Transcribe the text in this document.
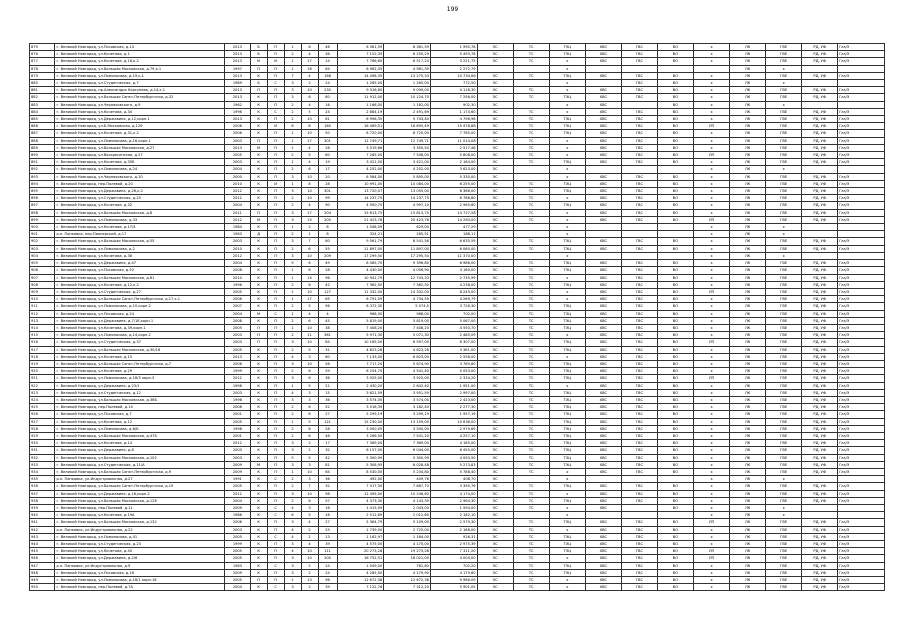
199
879	г. Великий Новгород, ул.Псковская, д.14	2013	Б	П	1	6	46	6 361,59	6 361,59	1 990,78	ЭС	ТС	ТЭЦ	ХВС	ГВС	ВО	х	ЛК	ГВЕ	РД, УФ	Газ/Э
876	г. Великий Новгород, ул.Кочетова, д.1	2013	Б	П	2	4	36	7 152,35	6 250,29	5 493,78	ЭС	ТС	ТЭЦ	ХВС	ГВС	ВО	х	ЛК	ГВЕ	РД, УФ	Газ/Э
877	г. Великий Новгород, ул.Кочетова, д.16,к.2	2013	М	И	1	17	14	7 766,60	6 517,24	3 221,75	ЭС	ТС	х	ХВС	ГВС	ВО	х	ЛК	ГВЕ	РД, УФ	Газ/Э
878	г. Великий Новгород, ул.Большая Московская, д.79,к.1	1997	П	П	1	16	64	6 962,35	4 981,39	2 272,79			х					ЛК	х		
879	г. Великий Новгород, ул.Ломоносова, д.19,к.1	2013	К	П	7	4	168	14 498,35	13 275,33	10 734,66	ЭС	ТС	ТЭЦ	ХВС	ГВС	ВО	х	ЛК	ГВЕ	РД, УФ	Газ/Э
880	г. Великий Новгород, ул.Студенческая, д.7	1989	Б	С	3	2	24	1 265,00	1 265,00	772,50	ЭС		х		ГВС	ВО	х	ЛК	х		
881	г. Великий Новгород, пр.Александра Корсунова, д.14,к.1	2013	П	П	3	10	230	9 316,80	9 009,00	4 118,30	ЭС	ТС	х	ХВС	ГВС	ВО	х	ЛК	ГВЕ	РД, УФ	Газ/Э
882	г. Великий Новгород, ул.Большая Санкт-Петербургская, д.32	2013	К	П	3	6	60	11 912,00	10 124,70	7 256,00	ЭС	ТС	ТЭЦ	ХВС	ГВС	ВО	х	ЛК	ГВЕ	РД, УФ	Газ/Э
883	г. Великий Новгород, ул.Черняховского, д.9	1962	К	П	2	4	16	1 166,00	1 162,00	902,30	ЭС		х	ХВС		ВО	х	ЛК	х		
884	г. Великий Новгород, ул.Кочетова, д.34	1996	К	С	2	5	24	2 884,19	2 491,69	1 174,60	ЭС	ТС	х	ХВС	ГВС	ВО	х	ЛК	ГВЕ	РД, УФ	Газ/Э
885	г. Великий Новгород, ул.Державина, д.12,корп.1	2013	К	П	2	10	61	6 996,35	5 743,40	4 796,96	ЭС	ТС	ТЭЦ	ХВС	ГВС	ВО	х	ЛК	ГВЕ	РД, УФ	Газ/Э
886	г. Великий Новгород, ул.Б.Московская, д.126	2006	К	И	6	8	160	16 469,51	16 695,49	15 478,88	ЭС	ТС	ТЭЦ	ХВС	ГВС	ВО	ЛП	ЛК	ГВЕ	РД, УФ	Газ/Э
887	г. Великий Новгород, ул.Кочетова, д.31,к.2	2006	К	П	1	10	50	8 720,00	8 720,00	7 785,00	ЭС	ТС	ТЭЦ	ХВС	ГВС	ВО	х	ЛК	ГВЕ	РД, УФ	Газ/Э
888	г. Великий Новгород, ул.Ломоносова, д.16,корп.1	2003	П	П	1	17	301	12 749,71	12 749,71	11 014,08	ЭС	ТС	х	ХВС	ГВС	ВО	х	ЛК	ГВЕ	РД, УФ	Газ/Э
889	г. Великий Новгород, ул.Большая Московская, д.27	2013	М	П	1	4	26	3 519,66	3 350,50	2 517,46	ЭС	ТС	х	ХВС	ГВС	ВО	х	ЛК	ГВЕ	РД, УФ	Газ/Э
890	г. Великий Новгород, ул.Воскресенская, д.27	2005	К	П	2	5	80	7 265,00	7 508,00	5 808,00	ЭС	ТС	х	ХВС	ГВС	ВО	ЛП	ЛК	ГВЕ	РД, УФ	Газ/Э
891	г. Великий Новгород, ул.Кочетова, д.35Б	2003	К	П	1	4	19	3 421,00	3 421,00	2 164,00	ЭС	ТС	ТЭЦ	ХВС	ГВС	ВО	х	ЛК	ГВЕ	РД, УФ	Газ/Э
892	г. Великий Новгород, ул.Ломоносова, д.24	2004	К	П	2	6	17	4 252,00	4 252,00	3 623,00	ЭС		х				х	ЛК	х		
893	г. Великий Новгород, ул.Черняховского, д.10	2000	К	П	3	10	20	6 584,00	5 895,00	5 330,00	ЭС		х	ХВС	ГВС	ВО	х	ЛК	ГВЕ	РД, УФ	Газ/Э
894	г. Великий Новгород, пер.Полевой, д.20	2010	К	И	1	8	28	10 991,00	10 084,00	6 255,00	ЭС	ТС	ТЭЦ	ХВС	ГВС	ВО	х	ЛК	ГВЕ	РД, УФ	Газ/Э
895	г. Великий Новгород, ул.Державина, д.26,к.2	2012	К	П	3	10	301	13 720,07	13 055,00	6 366,00	ЭС	ТС	ТЭЦ	ХВС	ГВС	ВО	х	ЛК	ГВЕ	РД, УФ	Газ/Э
896	г. Великий Новгород, ул.Студенческая, д.25	2012	К	П	2	10	99	14 237,75	14 237,75	6 786,80	ЭС	ТС	х	ХВС	ГВС	ВО	х	ЛК	ГВЕ	РД, УФ	Газ/Э
897	г. Великий Новгород, ул.Кочетова, д.32	2004	К	П	2	4	90	4 950,70	4 997,10	2 965,60	ЭС	ТС	ТЭЦ	ХВС	ГВС	ВО	х	ЛК	ГВЕ	РД, УФ	Газ/Э
898	г. Великий Новгород, ул.Большая Московская, д.8	2011	П	П	3	17	204	15 613,75	15 813,75	14 727,58	ЭС	ТС	х	ХВС	ГВС	ВО	х	ЛК	ГВЕ	РД, УФ	Газ/Э
899	г. Великий Новгород, ул.Ломоносова, д.33	2012	М	П	3	15	205	21 423,78	20 423,78	14 263,00	ЭС	ТС	х	ХВС	ГВС	ВО	ЛП	ЛК	ГВЕ	РД, УФ	Газ/Э
900	г. Великий Новгород, ул.Кочетова, д.17/4	1984	К	П	1	2	8	1 048,59	629,00	477,29	ЭС		х				х	ЛК	х		
901	р.п. Панковка, пер.Пионерский, д.17	1963	Д	П	2	1	8	324,21	265,51	188,11			х				х	ЛК	х		
902	г. Великий Новгород, ул.Большая Московская, д.55	2003	К	П	3	7	60	9 561,79	8 541,56	6 635,59	ЭС	ТС	ТЭЦ	ХВС	ГВС	ВО	х	ЛК	ГВЕ	РД, УФ	Газ/Э
903	г. Великий Новгород, ул.Ломоносова, д.2	2010	К	П	2	6	55	11 897,00	11 897,00	6 060,00	ЭС	ТС	ТЭЦ	ХВС	ГВС	ВО	х	ЛК	ГВЕ	РД, УФ	Газ/Э
904	г. Великий Новгород, ул.Кочетова, д.38	2012	К	П	3	10	209	17 299,50	17 295,50	11 370,00	ЭС		х				х	ЛК	х		
905	г. Великий Новгород, ул.Державина, д.47	2004	К	П	5	6	49	8 085,70	9 396,80	6 986,00	ЭС	ТС	ТЭЦ	ХВС	ГВС	ВО	х	ЛК	ГВЕ	РД, УФ	Газ/Э
906	г. Великий Новгород, ул.Псковская, д.52	2008	К	П	1	6	28	4 430,00	4 056,90	3 160,00	ЭС	ТС	ТЭЦ	ХВС	ГВС	ВО	х	ЛК	ГВЕ	РД, УФ	Газ/Э
907	г. Великий Новгород, ул.Большая Московская, д.61	2010	К	П	1	14	96	10 941,79	12 743,33	2 735,99	ЭС	ТС	х	ХВС	ГВС	ВО	х	ЛК	ГВЕ	РД, УФ	Газ/Э
908	г. Великий Новгород, ул.Кочетова, д.12,к.2	1996	К	П	2	6	42	7 362,50	7 362,50	4 238,00	ЭС	ТС	ТЭЦ	ХВС	ГВС	ВО	х	ЛК	ГВЕ	РД, УФ	Газ/Э
909	г. Великий Новгород, ул.Студенческая, д.27	2005	К	П	1	10	127	11 332,00	14 332,00	8 245,00	ЭС	ТС	х	ХВС	ГВС	ВО	ЛП	ЛК	ГВЕ	РД, УФ	Газ/Э
910	г. Великий Новгород, ул.Большая Санкт-Петербургская, д.17,к.1	2006	К	П	1	17	65	6 791,59	4 734,59	4 269,79	ЭС	ТС	х	ХВС	ГВС	ВО	х	ЛК	ГВЕ	РД, УФ	Газ/Э
911	г. Великий Новгород, ул.Ломоносова, д.10,корп.2	2007	К	П	2	5	96	6 372,30	5 074,5	3 726,30	ЭС	ТС	ТЭЦ	ХВС	ГВС	ВО	х	ЛК	ГВЕ	РД, УФ	Газ/Э
912	г. Великий Новгород, ул.Псковская, д.24	2004	М	С	1	4	4	968,00	968,00	702,00	ЭС	ТС	ТЭЦ	ХВС	ГВС	ВО	х	ЛК	ГВЕ	РД, УФ	Газ/Э
913	г. Великий Новгород, ул.Державина, д.7/18,корп.1	2008	К	П	2	6	45	5 819,00	5 819,00	5 067,00	ЭС	ТС	ТЭЦ	ХВС	ГВС	ВО	х	ЛК	ГВЕ	РД, УФ	Газ/Э
914	г. Великий Новгород, ул.Кочетова, д.39,корп.1	2005	П	П	1	10	38	7 408,20	7 408,20	4 550,70	ЭС	ТС	ТЭЦ	ХВС	ГВС	ВО	х	ЛК	ГВЕ	РД, УФ	Газ/Э
915	г. Великий Новгород, ул.Ломоносова, д.14,корп.2	2003	П	П	2	11	361	5 971,30	5 071,30	2 485,09	ЭС	ТС	х	ХВС	ГВС	ВО	х	ЛК	ГВЕ	РД, УФ	Газ/Э
916	г. Великий Новгород, ул.Студенческая, д.37	2003	П	П	3	10	84	10 165,00	6 597,00	6 307,00	ЭС	ТС	ТЭЦ	ХВС	ГВС	ВО	ЛП	ЛК	ГВЕ	РД, УФ	Газ/Э
917	г. Великий Новгород, ул.Большая Московская, д.30/18	2005	К	П	2	5	31	4 623,28	4 623,28	3 361,00	ЭС	ТС	ТЭЦ	ХВС	ГВС	ВО	х	ЛК	ГВЕ	РД, УФ	Газ/Э
918	г. Великий Новгород, ул.Кочетова, д.15	2013	К	П	4	3	60	7 133,00	6 823,00	2 558,00	ЭС	ТС	х	ХВС	ГВС	ВО	х	ЛК	ГВЕ	РД, УФ	Газ/Э
919	г. Великий Новгород, ул.Большая Санкт-Петербургская, д.7	2006	К	П	3	10	56	7 717,20	5 674,90	3 769,80	ЭС	ТС	ТЭЦ	ХВС	ГВС	ВО	х	ЛК	ГВЕ	РД, УФ	Газ/Э
920	г. Великий Новгород, ул.Кочетова, д.29	1999	К	П	2	6	59	6 254,70	4 541,40	5 053,00	ЭС	ТС	ТЭЦ	ХВС	ГВС	ВО	х	ЛК	ГВЕ	РД, УФ	Газ/Э
921	г. Великий Новгород, ул.Ломоносова, д.18/3 корп.3	2012	К	П	3	6	36	3 925,00	3 925,00	2 334,20	ЭС	ТС	ТЭЦ	ХВС	ГВС	ВО	ЛП	ЛК	ГВЕ	РД, УФ	Газ/Э
922	г. Великий Новгород, ул.Державина, д.23/1	1998	К	П	1	5	21	2 430,20	2 642,40	1 951,00	ЭС	ТС	х	ХВС	ГВС	ВО	х	ЛК	ГВЕ	РД, УФ	Газ/Э
923	г. Великий Новгород, ул.Студенческая, д.12	2003	К	П	4	3	15	3 621,59	3 951,59	2 997,00	ЭС	ТС	ТЭЦ	ХВС	ГВС	ВО	х	ЛК	ГВЕ	РД, УФ	Газ/Э
924	г. Великий Новгород, ул.Большая Московская, д.36Б	1996	К	П	3	3	36	3 574,00	3 574,00	2 423,00	ЭС	ТС	ТЭЦ	ХВС	ГВС	ВО	х	ЛК	ГВЕ	РД, УФ	Газ/Э
925	г. Великий Новгород, пер.Полевой, д.14	2008	К	П	2	6	52	3 018,39	3 182,40	2 277,30	ЭС	ТС	ТЭЦ	ХВС	ГВС	ВО	х	ЛК	ГВЕ	РД, УФ	Газ/Э
926	г. Великий Новгород, ул.Псковская, д.7	2001	К	П	2	6	27	5 299,19	3 299,19	1 957,19	ЭС	ТС	ТЭЦ	ХВС	ГВС	ВО	х	ЛК	ГВЕ	РД, УФ	Газ/Э
927	г. Великий Новгород, ул.Кочетова, д.12	2005	К	П	1	5	121	15 230,00	13 159,00	10 636,00	ЭС	ТС	ТЭЦ	ХВС	ГВС	ВО	х	ЛК	ГВЕ	РД, УФ	Газ/Э
928	г. Великий Новгород, ул.Ломоносова, д.6/Б	1998	К	П	2	6	28	3 000,09	3 500,00	2 979,69	ЭС	ТС	ТЭЦ	ХВС	ГВС	ВО	х	ЛК	ГВЕ	РД, УФ	Газ/Э
929	г. Великий Новгород, ул.Большая Московская, д.47Б	2001	К	П	2	6	46	3 266,50	7 541,20	4 257,10	ЭС	ТС	ТЭЦ	ХВС	ГВС	ВО	х	ЛК	ГВЕ	РД, УФ	Газ/Э
930	г. Великий Новгород, ул.Кочетова, д.14	2012	К	П	3	2	17	7 369,00	7 369,00	4 165,00	ЭС	ТС	ТЭЦ	ХВС	ГВС	ВО	х	ЛК	ГВЕ	РД, УФ	Газ/Э
931	г. Великий Новгород, ул.Державина, д.8	2003	К	П	3	2	32	6 157,00	6 044,00	6 455,00	ЭС	ТС	ТЭЦ	ХВС	ГВС	ВО	х	ЛК	ГВЕ	РД, УФ	Газ/Э
932	г. Великий Новгород, ул.Большая Московская, д.102	2003	К	П	5	5	42	5 300,99	5 300,99	4 093,50	ЭС	ТС	ТЭЦ	ХВС	ГВС	ВО	х	ЛК	ГВЕ	РД, УФ	Газ/Э
933	г. Великий Новгород, ул.Студенческая, д.11/А	2009	М	П	3	3	81	5 308,95	6 028,48	5 273,83	ЭС	ТС	ТЭЦ	ХВС	ГВС	ВО	х	ЛК	ГВЕ	РД, УФ	Газ/Э
934	г. Великий Новгород, ул.Большая Санкт-Петербургская, д.9	2009	К	П	1	10	64	8 530,00	5 234,80	5 788,40	ЭС	ТС	х	ХВС	ГВС	ВО	х	ЛК	ГВЕ	РД, УФ	Газ/Э
935	р.п. Панковка, ул.Индустриальная, д.27	1991	К	С	2	3	36	492,00	409,76	408,70	ЭС		х				х	ЛК	х		
936	г. Великий Новгород, ул.Большая Санкт-Петербургская, д.19	2005	К	П	2	7	32	7 017,30	7 887,70	3 395,76	ЭС	ТС	ТЭЦ	ХВС	ГВС	ВО	х	ЛК	ГВЕ	РД, УФ	Газ/Э
937	г. Великий Новгород, ул.Державина, д.16,корп.2	2012	К	П	3	10	98	12 495,00	10 246,60	4 174,00	ЭС	ТС	х	ХВС	ГВС	ВО	х	ЛК	ГВЕ	РД, УФ	Газ/Э
938	г. Великий Новгород, ул.Большая Московская, д.128	2004	К	П	2	6	57	4 373,30	4 143,39	2 964,30	ЭС	ТС	ТЭЦ	ХВС	ГВС	ВО	х	ЛК	ГВЕ	РД, УФ	Газ/Э
939	г. Великий Новгород, пер.Полевой, д.11	2009	К	С	4	3	16	1 415,09	2 043,00	1 594,00	ЭС	ТС	х	ХВС		ВО	х	ЛК	х		
940	г. Великий Новгород, ул.Кочетова, д.19А	1986	К	С	6	5	16	2 512,69	2 012,60	2 182,10	ЭС		х				х	ЛК	х		
941	г. Великий Новгород, ул.Большая Московская, д.132	2006	К	П	3	4	27	5 364,79	5 109,00	2 579,30	ЭС	ТС	ТЭЦ	ХВС	ГВС	ВО	ЛП	ЛК	ГВЕ	РД, УФ	Газ/Э
942	р.п. Панковка, ул.Индустриальная, д.22	2003	К	П	4	2	25	1 739,00	2 725,00	2 188,00	ЭС	ТС	х	ХВС	ГВС	ВО	х	ЛК	ГВЕ	РД, УФ	Газ/Э
943	г. Великий Новгород, ул.Ломоносова, д.41	2005	К	С	4	2	13	1 162,97	1 164,00	926,31	ЭС	ТС	ТЭЦ	ХВС	ГВС	ВО	х	ЛК	ГВЕ	РД, УФ	Газ/Э
944	г. Великий Новгород, ул.Студенческая, д.23	1999	К	П	3	4	39	4 575,00	4 175,00	2 975,39	ЭС	ТС	ТЭЦ	ХВС	ГВС	ВО	х	ЛК	ГВЕ	РД, УФ	Газ/Э
945	г. Великий Новгород, ул.Кочетова, д.40	2005	К	П	4	10	111	20 273,28	19 273,28	7 311,20	ЭС	ТС	ТЭЦ	ХВС	ГВС	ВО	ЛП	ЛК	ГВЕ	РД, УФ	Газ/Э
946	г. Великий Новгород, ул.Державина, д.2/6	2005	К	П	3	10	200	16 752,51	18 021,00	4 004,00	ЭС	ТС	х	ХВС	ГВС	ВО	ЛП	ЛК	ГВЕ	РД, УФ	Газ/Э
947	р.п. Панковка, ул.Индустриальная, д.9	1963	К	С	3	2	24	1 049,00	762,80	702,20	ЭС	ТС	ТЭЦ	ХВС	ГВС	ВО	х	ЛК	ГВЕ	РД, УФ	Газ/Э
948	г. Великий Новгород, ул.Псковская, д.16	2009	К	П	3	2	24	4 285,50	4 179,90	4 179,60	ЭС	ТС	ТЭЦ	ХВС	ГВС	ВО	х	ЛК	ГВЕ	РД, УФ	Газ/Э
949	г. Великий Новгород, ул.Ломоносова, д.16/1 корп.16	2005	П	П	1	13	96	12 672,38	12 672,38	9 986,09	ЭС	ТС	х	ХВС	ГВС	ВО	х	ЛК	ГВЕ	РД, УФ	Газ/Э
950	г. Великий Новгород, пер.Полевой, д.7А	2004	К	С	3	2	39	7 122,76	7 312,20	5 901,05	ЭС	ТС	х	ХВС	ГВС	ВО	х	ЛК	ГВЕ	РД, УФ	Газ/Э
